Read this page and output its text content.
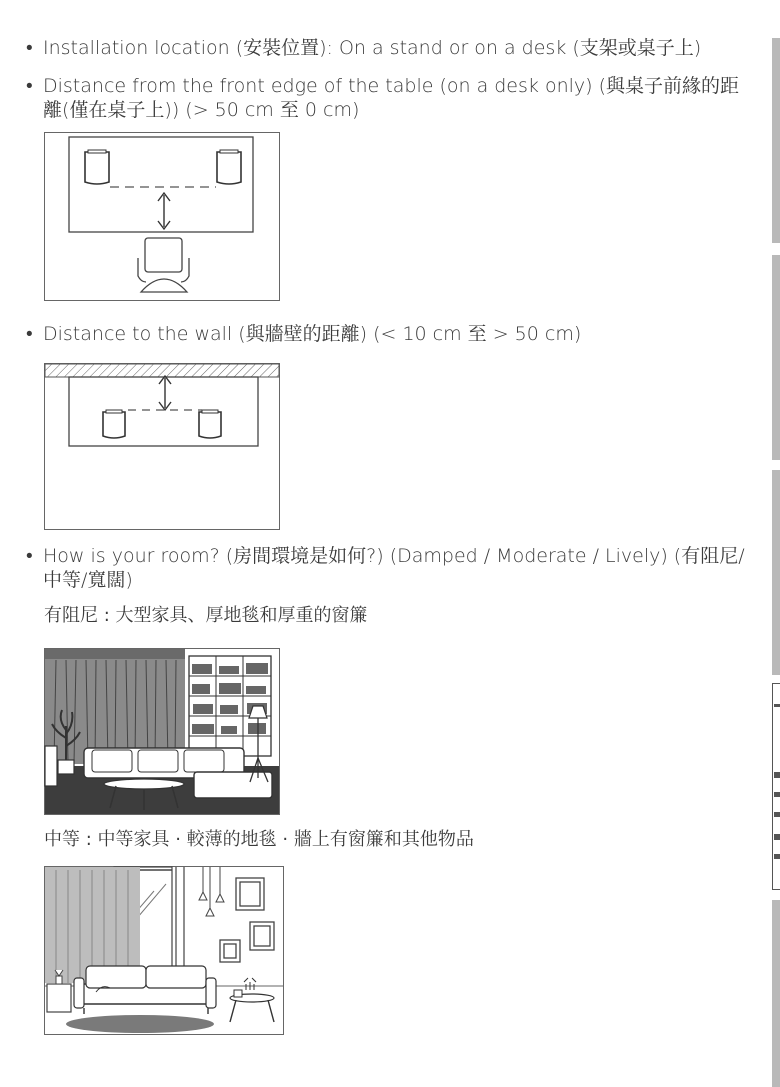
• Installation location (安裝位置): On a stand or on a desk (支架或桌子上)
• Distance from the front edge of the table (on a desk only) (與桌子前緣的距離(僅在桌子上)) (> 50 cm 至 0 cm)
• Distance to the wall (與牆壁的距離) (< 10 cm 至 > 50 cm)
• How is your room? (房間環境是如何?) (Damped / Moderate / Lively) (有阻尼/中等/寬闊)
有阻尼 : 大型家具、厚地毯和厚重的窗簾
中等 : 中等家具 · 較薄的地毯 · 牆上有窗簾和其他物品
